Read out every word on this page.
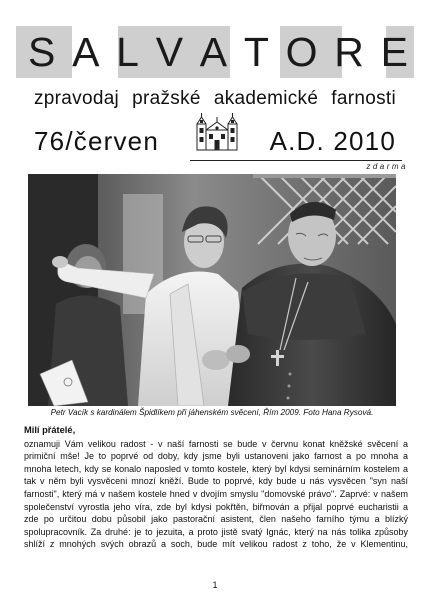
S A L V A T O R E
zpravodaj pražské akademické farnosti
76/červen	A.D. 2010
zdarma
Petr Vacík s kardinálem Špidlíkem při jáhenském svěcení, Řím 2009. Foto Hana Rysová.
Milí přátelé,
oznamuji Vám velikou radost - v naší farnosti se bude v červnu konat kněžské svěcení a
primiční mše! Je to poprvé od doby, kdy jsme byli ustanoveni jako farnost a po mnoha a
mnoha letech, kdy se konalo naposled v tomto kostele, který byl kdysi seminárním kostelem a
tak v něm byli vysvěceni mnozí kněží. Bude to poprvé, kdy bude u nás vysvěcen "syn naší
farnosti", který má v našem kostele hned v dvojím smyslu "domovské právo". Zaprvé: v našem
společenství vyrostla jeho víra, zde byl kdysi pokřtěn, biřmován a přijal poprvé eucharistii a
zde po určitou dobu působil jako pastorační asistent, člen našeho farního týmu a blízký
spolupracovník. Za druhé: je to jezuita, a proto jistě svatý Ignác, který na nás tolika způsoby
shlíží z mnohých svých obrazů a soch, bude mít velikou radost z toho, že v Klementinu,
1
